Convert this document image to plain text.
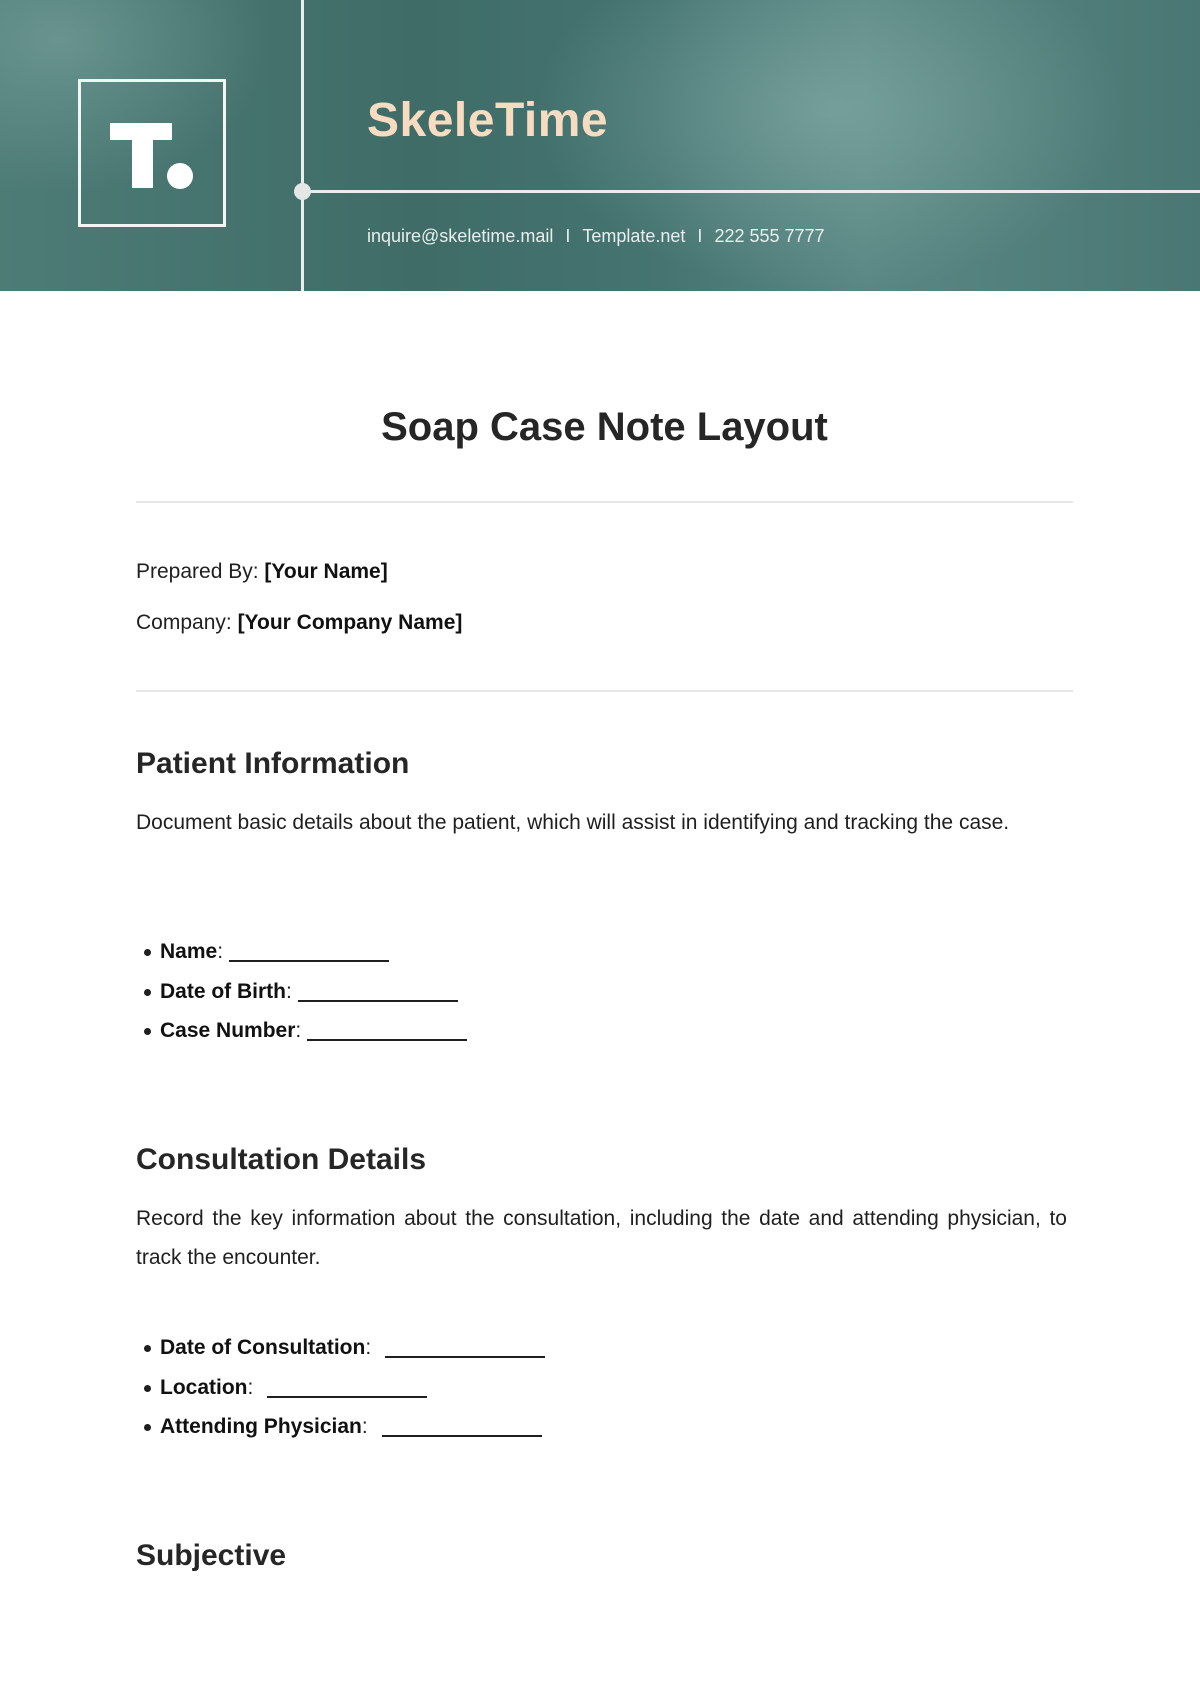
SkeleTime
inquire@skeletime.mail I Template.net I 222 555 7777
Soap Case Note Layout
Prepared By: [Your Name]
Company: [Your Company Name]
Patient Information

Document basic details about the patient, which will assist in identifying and tracking the case.

Name:
Date of Birth:
Case Number:
Consultation Details

Record the key information about the consultation, including the date and attending physician, to track the encounter.

Date of Consultation:
Location:
Attending Physician:
Subjective
